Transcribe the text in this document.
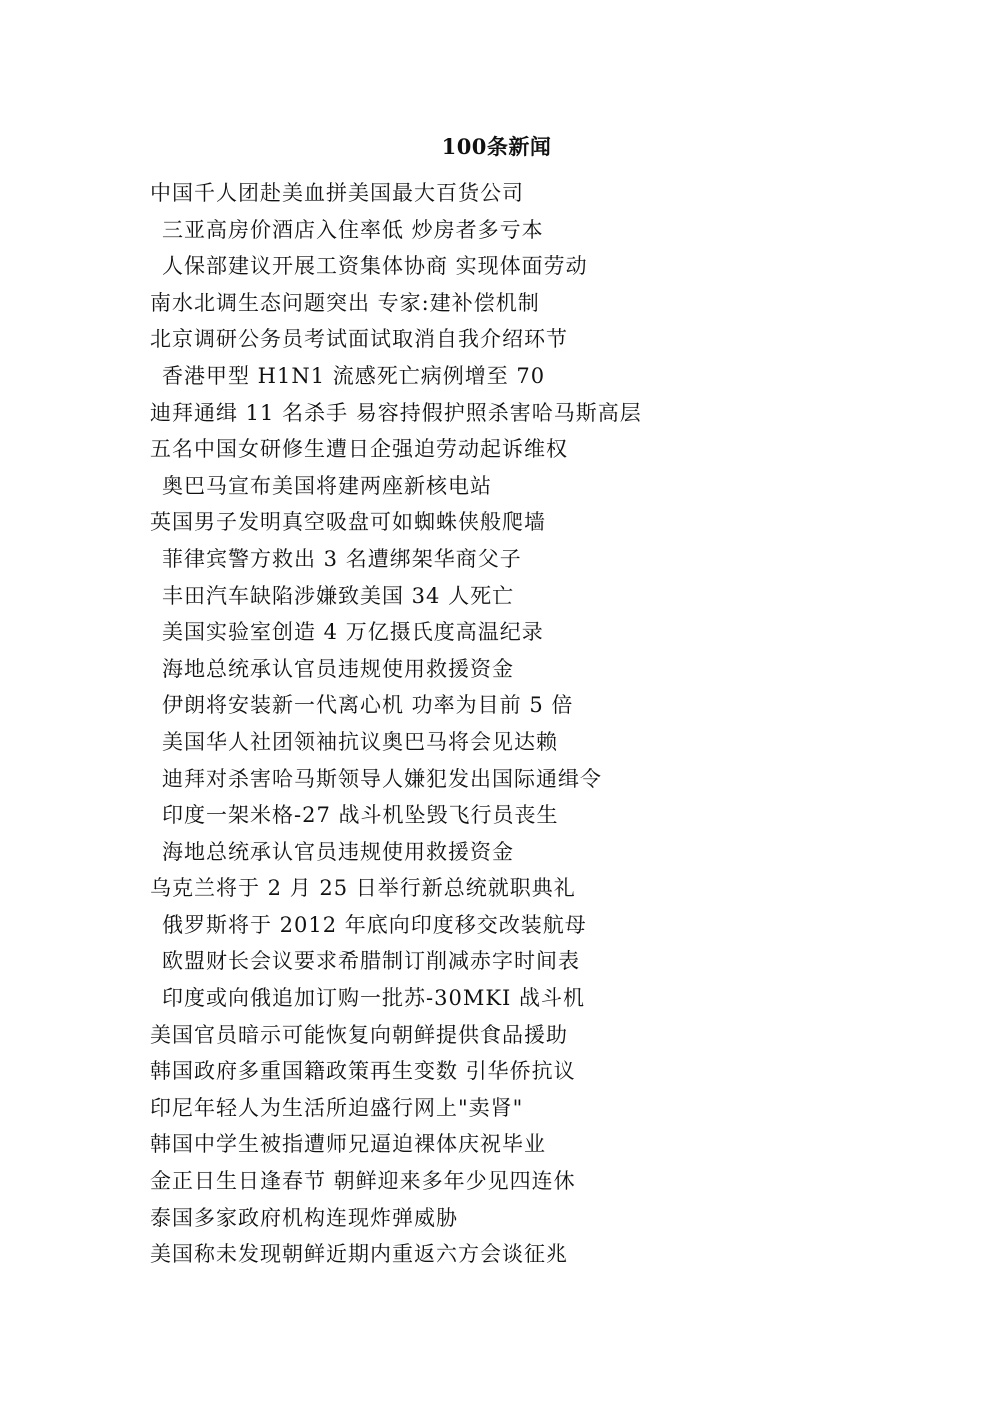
100条新闻
中国千人团赴美血拼美国最大百货公司
三亚高房价酒店入住率低 炒房者多亏本
人保部建议开展工资集体协商 实现体面劳动
南水北调生态问题突出 专家:建补偿机制
北京调研公务员考试面试取消自我介绍环节
香港甲型 H1N1 流感死亡病例增至 70
迪拜通缉 11 名杀手 易容持假护照杀害哈马斯高层
五名中国女研修生遭日企强迫劳动起诉维权
奥巴马宣布美国将建两座新核电站
英国男子发明真空吸盘可如蜘蛛侠般爬墙
菲律宾警方救出 3 名遭绑架华商父子
丰田汽车缺陷涉嫌致美国 34 人死亡
美国实验室创造 4 万亿摄氏度高温纪录
海地总统承认官员违规使用救援资金
伊朗将安装新一代离心机 功率为目前 5 倍
美国华人社团领袖抗议奥巴马将会见达赖
迪拜对杀害哈马斯领导人嫌犯发出国际通缉令
印度一架米格-27 战斗机坠毁飞行员丧生
海地总统承认官员违规使用救援资金
乌克兰将于 2 月 25 日举行新总统就职典礼
俄罗斯将于 2012 年底向印度移交改装航母
欧盟财长会议要求希腊制订削减赤字时间表
印度或向俄追加订购一批苏-30MKI 战斗机
美国官员暗示可能恢复向朝鲜提供食品援助
韩国政府多重国籍政策再生变数 引华侨抗议
印尼年轻人为生活所迫盛行网上"卖肾"
韩国中学生被指遭师兄逼迫裸体庆祝毕业
金正日生日逢春节 朝鲜迎来多年少见四连休
泰国多家政府机构连现炸弹威胁
美国称未发现朝鲜近期内重返六方会谈征兆
